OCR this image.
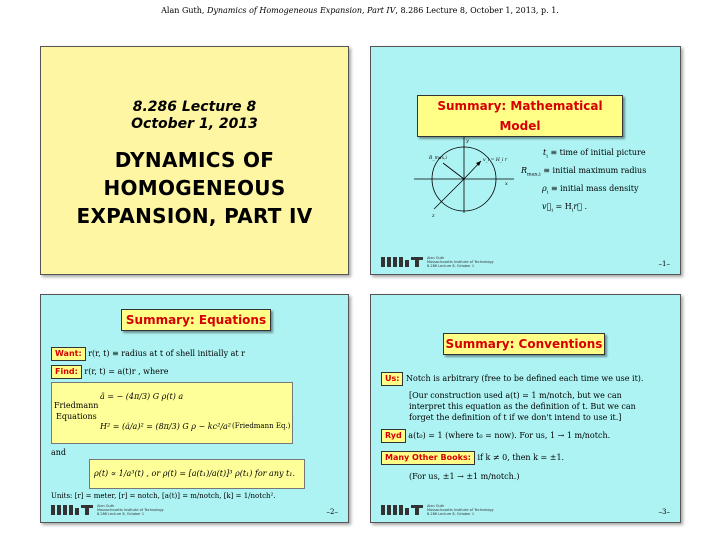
Alan Guth, Dynamics of Homogeneous Expansion, Part IV, 8.286 Lecture 8, October 1, 2013, p. 1.
8.286 Lecture 8
October 1, 2013
DYNAMICS OF
HOMOGENEOUS
EXPANSION, PART IV
Summary: Mathematical Model
y
x
z
R_max,i	v_i = H_i r
$t_i$ ≡ time of initial picture
$R_{max,i}$ ≡ initial maximum radius
$\rho_i$ ≡ initial mass density
$v⃗_i$ = $H_ir⃗$ .
Alan Guth
Massachusetts Institute of Technology
8.286 Lecture 8, October 1	–1–
Summary: Equations
Want: r(r, t) ≡ radius at t of shell initially at r
Find: r(r, t) = a(t)r , where
Friedmann
Equations
ä = − (4π/3) G ρ(t) a
H² = (ȧ/a)² = (8π/3) G ρ − kc²/a² (Friedmann Eq.)
and
ρ(t) ∝ 1/a³(t) , or ρ(t) = [a(t₁)/a(t)]³ ρ(t₁) for any t₁.
Units: [r] = meter, [r] = notch, [a(t)] = m/notch, [k] = 1/notch².
Alan Guth
Massachusetts Institute of Technology
8.286 Lecture 8, October 1	–2–
Summary: Conventions
Us: Notch is arbitrary (free to be defined each time we use it).
[Our construction used a(t) = 1 m/notch, but we can
interpret this equation as the definition of t. But we can
forget the definition of t if we don't intend to use it.]
Ryd a(t₀) = 1 (where t₀ = now). For us, 1 → 1 m/notch.
Many Other Books: if k ≠ 0, then k = ±1.
(For us, ±1 → ±1 m/notch.)
Alan Guth
Massachusetts Institute of Technology
8.286 Lecture 8, October 1	–3–
